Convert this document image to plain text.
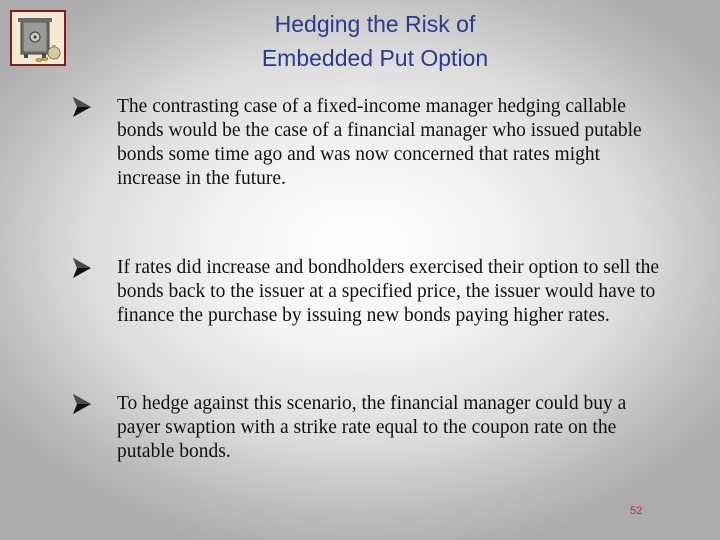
Hedging the Risk of
Embedded Put Option

The contrasting case of a fixed-income manager hedging callable bonds would be the case of a financial manager who issued putable bonds some time ago and was now concerned that rates might increase in the future.

If rates did increase and bondholders exercised their option to sell the bonds back to the issuer at a specified price, the issuer would have to finance the purchase by issuing new bonds paying higher rates.

To hedge against this scenario, the financial manager could buy a payer swaption with a strike rate equal to the coupon rate on the putable bonds.

52
